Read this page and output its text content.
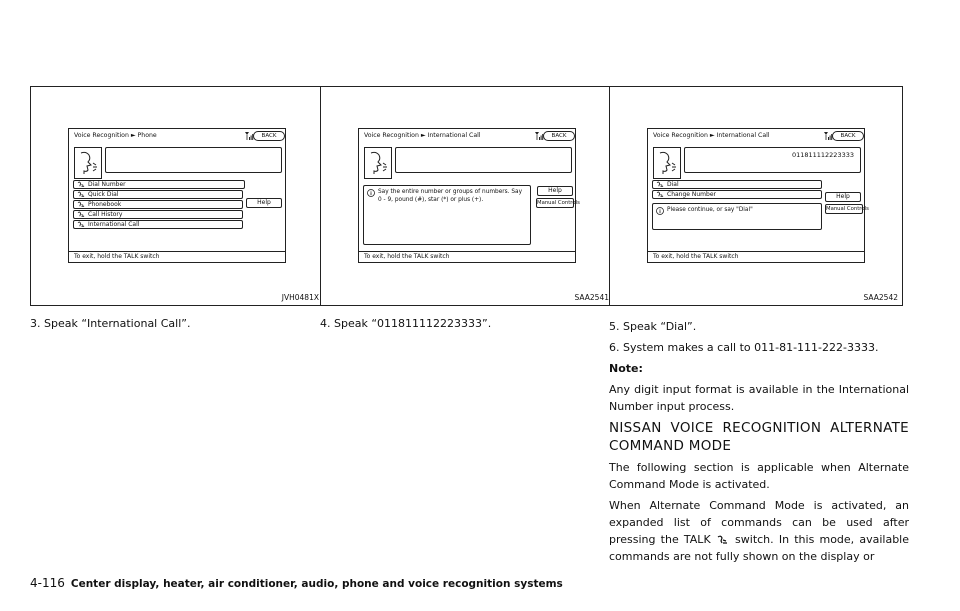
Voice Recognition ► Phone	BACK
Dial Number
Quick Dial
Phonebook
Call History
International Call
Help
To exit, hold the TALK switch
JVH0481X
Voice Recognition ► International Call	BACK
Say the entire number or groups of numbers. Say 0 - 9, pound (#), star (*) or plus (+).
Help
Manual Controls
To exit, hold the TALK switch
SAA2541
Voice Recognition ► International Call	BACK
011811112223333
Dial
Change Number
Please continue, or say "Dial"
Help
Manual Controls
To exit, hold the TALK switch
SAA2542
3. Speak “International Call”.	4. Speak “011811112223333”.	5. Speak “Dial”.

6. System makes a call to 011-81-111-222-3333.

Note:

Any digit input format is available in the International Number input process.

NISSAN VOICE RECOGNITION ALTERNATE COMMAND MODE

The following section is applicable when Alternate Command Mode is activated.

When Alternate Command Mode is activated, an expanded list of commands can be used after pressing the TALK switch. In this mode, available commands are not fully shown on the display or

4-116 Center display, heater, air conditioner, audio, phone and voice recognition systems
